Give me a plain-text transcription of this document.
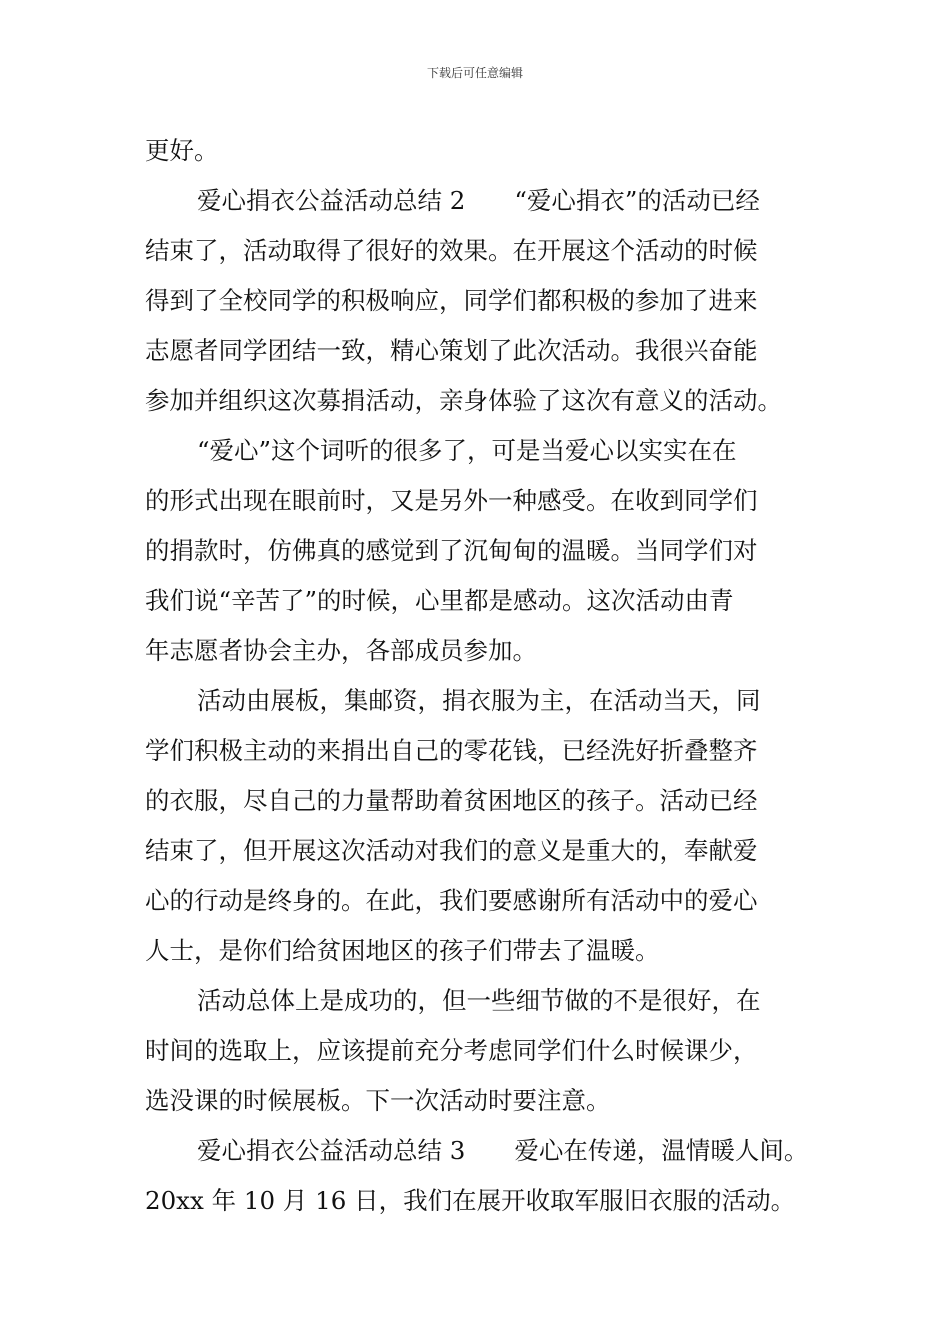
下载后可任意编辑
更好。
爱心捐衣公益活动总结 2　　“爱心捐衣”的活动已经
结束了，活动取得了很好的效果。在开展这个活动的时候
得到了全校同学的积极响应，同学们都积极的参加了进来
志愿者同学团结一致，精心策划了此次活动。我很兴奋能
参加并组织这次募捐活动，亲身体验了这次有意义的活动。
“爱心”这个词听的很多了，可是当爱心以实实在在
的形式出现在眼前时，又是另外一种感受。在收到同学们
的捐款时，仿佛真的感觉到了沉甸甸的温暖。当同学们对
我们说“辛苦了”的时候，心里都是感动。这次活动由青
年志愿者协会主办，各部成员参加。
活动由展板，集邮资，捐衣服为主，在活动当天，同
学们积极主动的来捐出自己的零花钱，已经洗好折叠整齐
的衣服，尽自己的力量帮助着贫困地区的孩子。活动已经
结束了，但开展这次活动对我们的意义是重大的，奉献爱
心的行动是终身的。在此，我们要感谢所有活动中的爱心
人士，是你们给贫困地区的孩子们带去了温暖。
活动总体上是成功的，但一些细节做的不是很好，在
时间的选取上，应该提前充分考虑同学们什么时候课少，
选没课的时候展板。下一次活动时要注意。
爱心捐衣公益活动总结 3　　爱心在传递，温情暖人间。
20xx 年 10 月 16 日，我们在展开收取军服旧衣服的活动。
